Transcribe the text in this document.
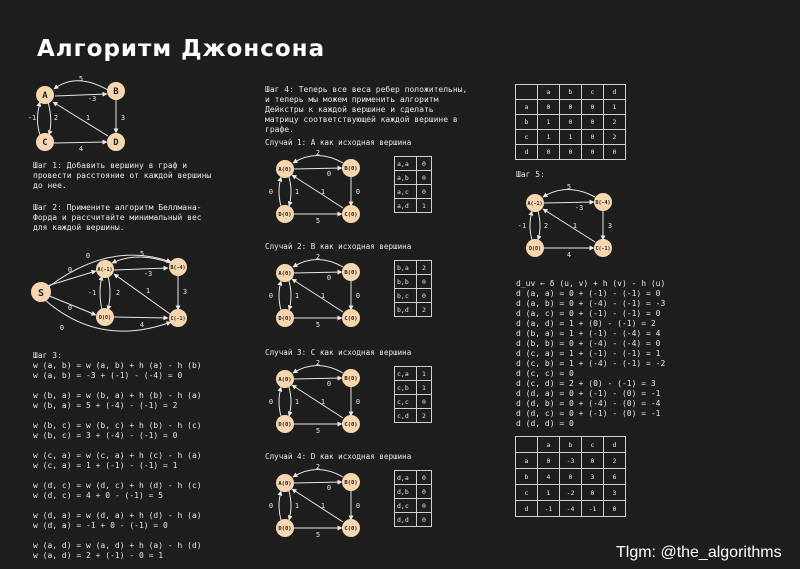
Алгоритм Джонсона
A	B
C	D
5
-3
3
1
2
-1
4
Шаг 1: Добавить вершину в граф и
провести расстояние от каждой вершины
до нее.
Шаг 2: Примените алгоритм Беллмана-
Форда и рассчитайте минимальный вес
для каждой вершины.
S
A(-1)	B(-4)
D(0)	C(-1)
0
0
0
0
5
-3
-1	2	1	3
4
Шаг 3:
w (a, b) = w (a, b) + h (a) - h (b)
w (a, b) = -3 + (-1) - (-4) = 0

w (b, a) = w (b, a) + h (b) - h (a)
w (b, a) = 5 + (-4) - (-1) = 2

w (b, c) = w (b, c) + h (b) - h (c)
w (b, c) = 3 + (-4) - (-1) = 0

w (c, a) = w (c, a) + h (c) - h (a)
w (c, a) = 1 + (-1) - (-1) = 1

w (d, c) = w (d, c) + h (d) - h (c)
w (d, c) = 4 + 0 - (-1) = 5

w (d, a) = w (d, a) + h (d) - h (a)
w (d, a) = -1 + 0 - (-1) = 0

w (a, d) = w (a, d) + h (a) - h (d)
w (a, d) = 2 + (-1) - 0 = 1
Шаг 4: Теперь все веса ребер положительны,
и теперь мы можем применить алгоритм
Дейкстры к каждой вершине и сделать
матрицу соответствующей каждой вершине в
графе.
Случай 1: A как исходная вершина
A(0)	B(0)
D(0)	C(0)
2
0
0	1	1	0
5
a,a	0
a,b	0
a,c	0
a,d	1
Случай 2: B как исходная вершина
A(0)	B(0)
D(0)	C(0)
2
0
0	1	1	0
5
b,a	2
b,b	0
b,c	0
b,d	2
Случай 3: C как исходная вершина
A(0)	B(0)
D(0)	C(0)
2
0
0	1	1	0
5
c,a	1
c,b	1
c,c	0
c,d	2
Случай 4: D как исходная вершина
A(0)	B(0)
D(0)	C(0)
2
0
0	1	1	0
5
d,a	0
d,b	0
d,c	0
d,d	0
	a	b	c	d
a	0	0	0	1
b	1	0	0	2
c	1	1	0	2
d	0	0	0	0
Шаг 5:
A(-1)	B(-4)
D(0)	C(-1)
5
-3
-1	2	1	3
4
d_uv ← δ (u, v) + h (v) - h (u)
d (a, a) = 0 + (-1) - (-1) = 0
d (a, b) = 0 + (-4) - (-1) = -3
d (a, c) = 0 + (-1) - (-1) = 0
d (a, d) = 1 + (0) - (-1) = 2
d (b, a) = 1 + (-1) - (-4) = 4
d (b, b) = 0 + (-4) - (-4) = 0
d (c, a) = 1 + (-1) - (-1) = 1
d (c, b) = 1 + (-4) - (-1) = -2
d (c, c) = 0
d (c, d) = 2 + (0) - (-1) = 3
d (d, a) = 0 + (-1) - (0) = -1
d (d, b) = 0 + (-4) - (0) = -4
d (d, c) = 0 + (-1) - (0) = -1
d (d, d) = 0
	a	b	c	d
a	0	-3	0	2
b	4	0	3	6
c	1	-2	0	3
d	-1	-4	-1	0
Tlgm: @the_algorithms
